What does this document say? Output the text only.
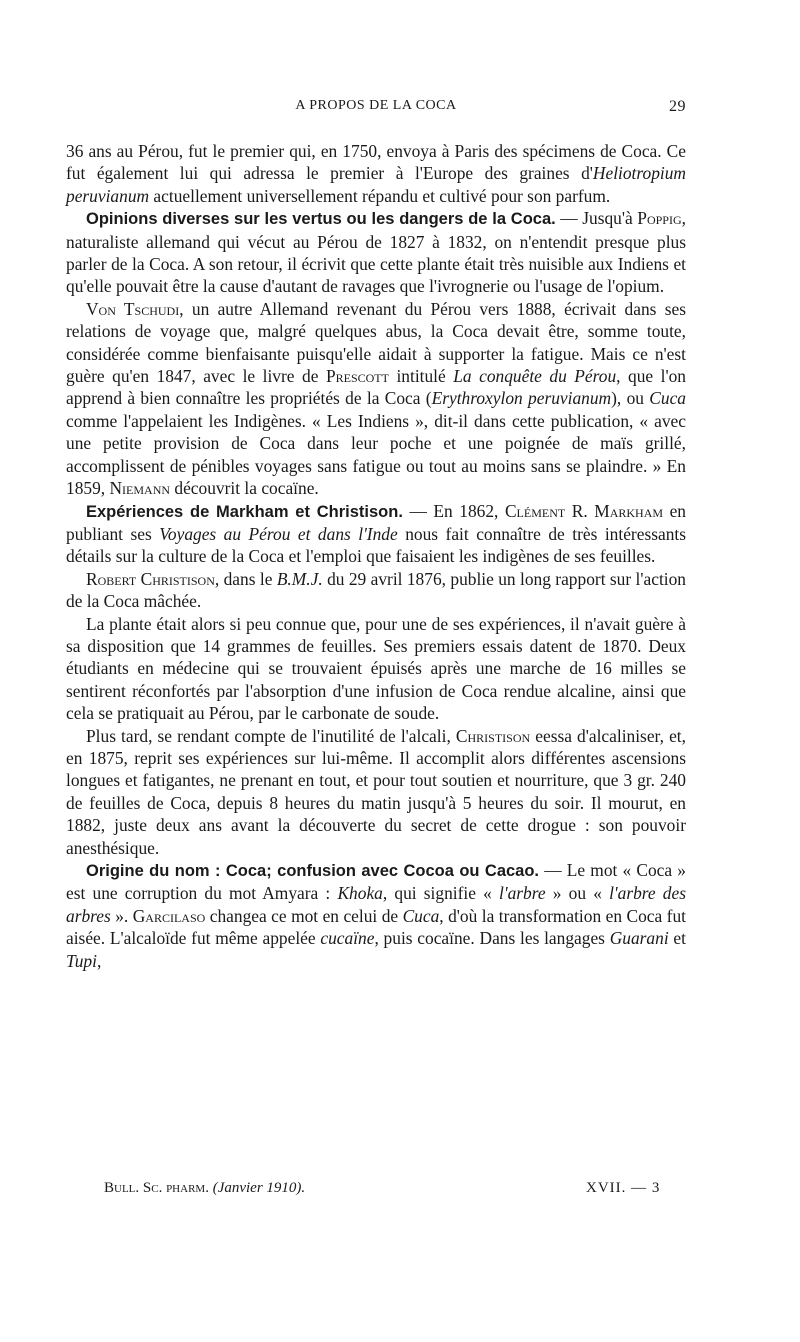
A PROPOS DE LA COCA	29

36 ans au Pérou, fut le premier qui, en 1750, envoya à Paris des spécimens de Coca. Ce fut également lui qui adressa le premier à l'Europe des graines d'Heliotropium peruvianum actuellement universellement répandu et cultivé pour son parfum.

Opinions diverses sur les vertus ou les dangers de la Coca. — Jusqu'à Poppig, naturaliste allemand qui vécut au Pérou de 1827 à 1832, on n'entendit presque plus parler de la Coca. A son retour, il écrivit que cette plante était très nuisible aux Indiens et qu'elle pouvait être la cause d'autant de ravages que l'ivrognerie ou l'usage de l'opium.

Von Tschudi, un autre Allemand revenant du Pérou vers 1888, écrivait dans ses relations de voyage que, malgré quelques abus, la Coca devait être, somme toute, considérée comme bienfaisante puisqu'elle aidait à supporter la fatigue. Mais ce n'est guère qu'en 1847, avec le livre de Prescott intitulé La conquête du Pérou, que l'on apprend à bien connaître les propriétés de la Coca (Erythroxylon peruvianum), ou Cuca comme l'appelaient les Indigènes. « Les Indiens », dit-il dans cette publication, « avec une petite provision de Coca dans leur poche et une poignée de maïs grillé, accomplissent de pénibles voyages sans fatigue ou tout au moins sans se plaindre. » En 1859, Niemann découvrit la cocaïne.

Expériences de Markham et Christison. — En 1862, Clément R. Markham en publiant ses Voyages au Pérou et dans l'Inde nous fait connaître de très intéressants détails sur la culture de la Coca et l'emploi que faisaient les indigènes de ses feuilles.

Robert Christison, dans le B.M.J. du 29 avril 1876, publie un long rapport sur l'action de la Coca mâchée.

La plante était alors si peu connue que, pour une de ses expériences, il n'avait guère à sa disposition que 14 grammes de feuilles. Ses premiers essais datent de 1870. Deux étudiants en médecine qui se trouvaient épuisés après une marche de 16 milles se sentirent réconfortés par l'absorption d'une infusion de Coca rendue alcaline, ainsi que cela se pratiquait au Pérou, par le carbonate de soude.

Plus tard, se rendant compte de l'inutilité de l'alcali, Christison eessa d'alcaliniser, et, en 1875, reprit ses expériences sur lui-même. Il accomplit alors différentes ascensions longues et fatigantes, ne prenant en tout, et pour tout soutien et nourriture, que 3 gr. 240 de feuilles de Coca, depuis 8 heures du matin jusqu'à 5 heures du soir. Il mourut, en 1882, juste deux ans avant la découverte du secret de cette drogue : son pouvoir anesthésique.

Origine du nom : Coca; confusion avec Cocoa ou Cacao. — Le mot « Coca » est une corruption du mot Amyara : Khoka, qui signifie « l'arbre » ou « l'arbre des arbres ». Garcilaso changea ce mot en celui de Cuca, d'où la transformation en Coca fut aisée. L'alcaloïde fut même appelée cucaïne, puis cocaïne. Dans les langages Guarani et Tupi,

Bull. Sc. pharm. (Janvier 1910).	XVII. — 3
